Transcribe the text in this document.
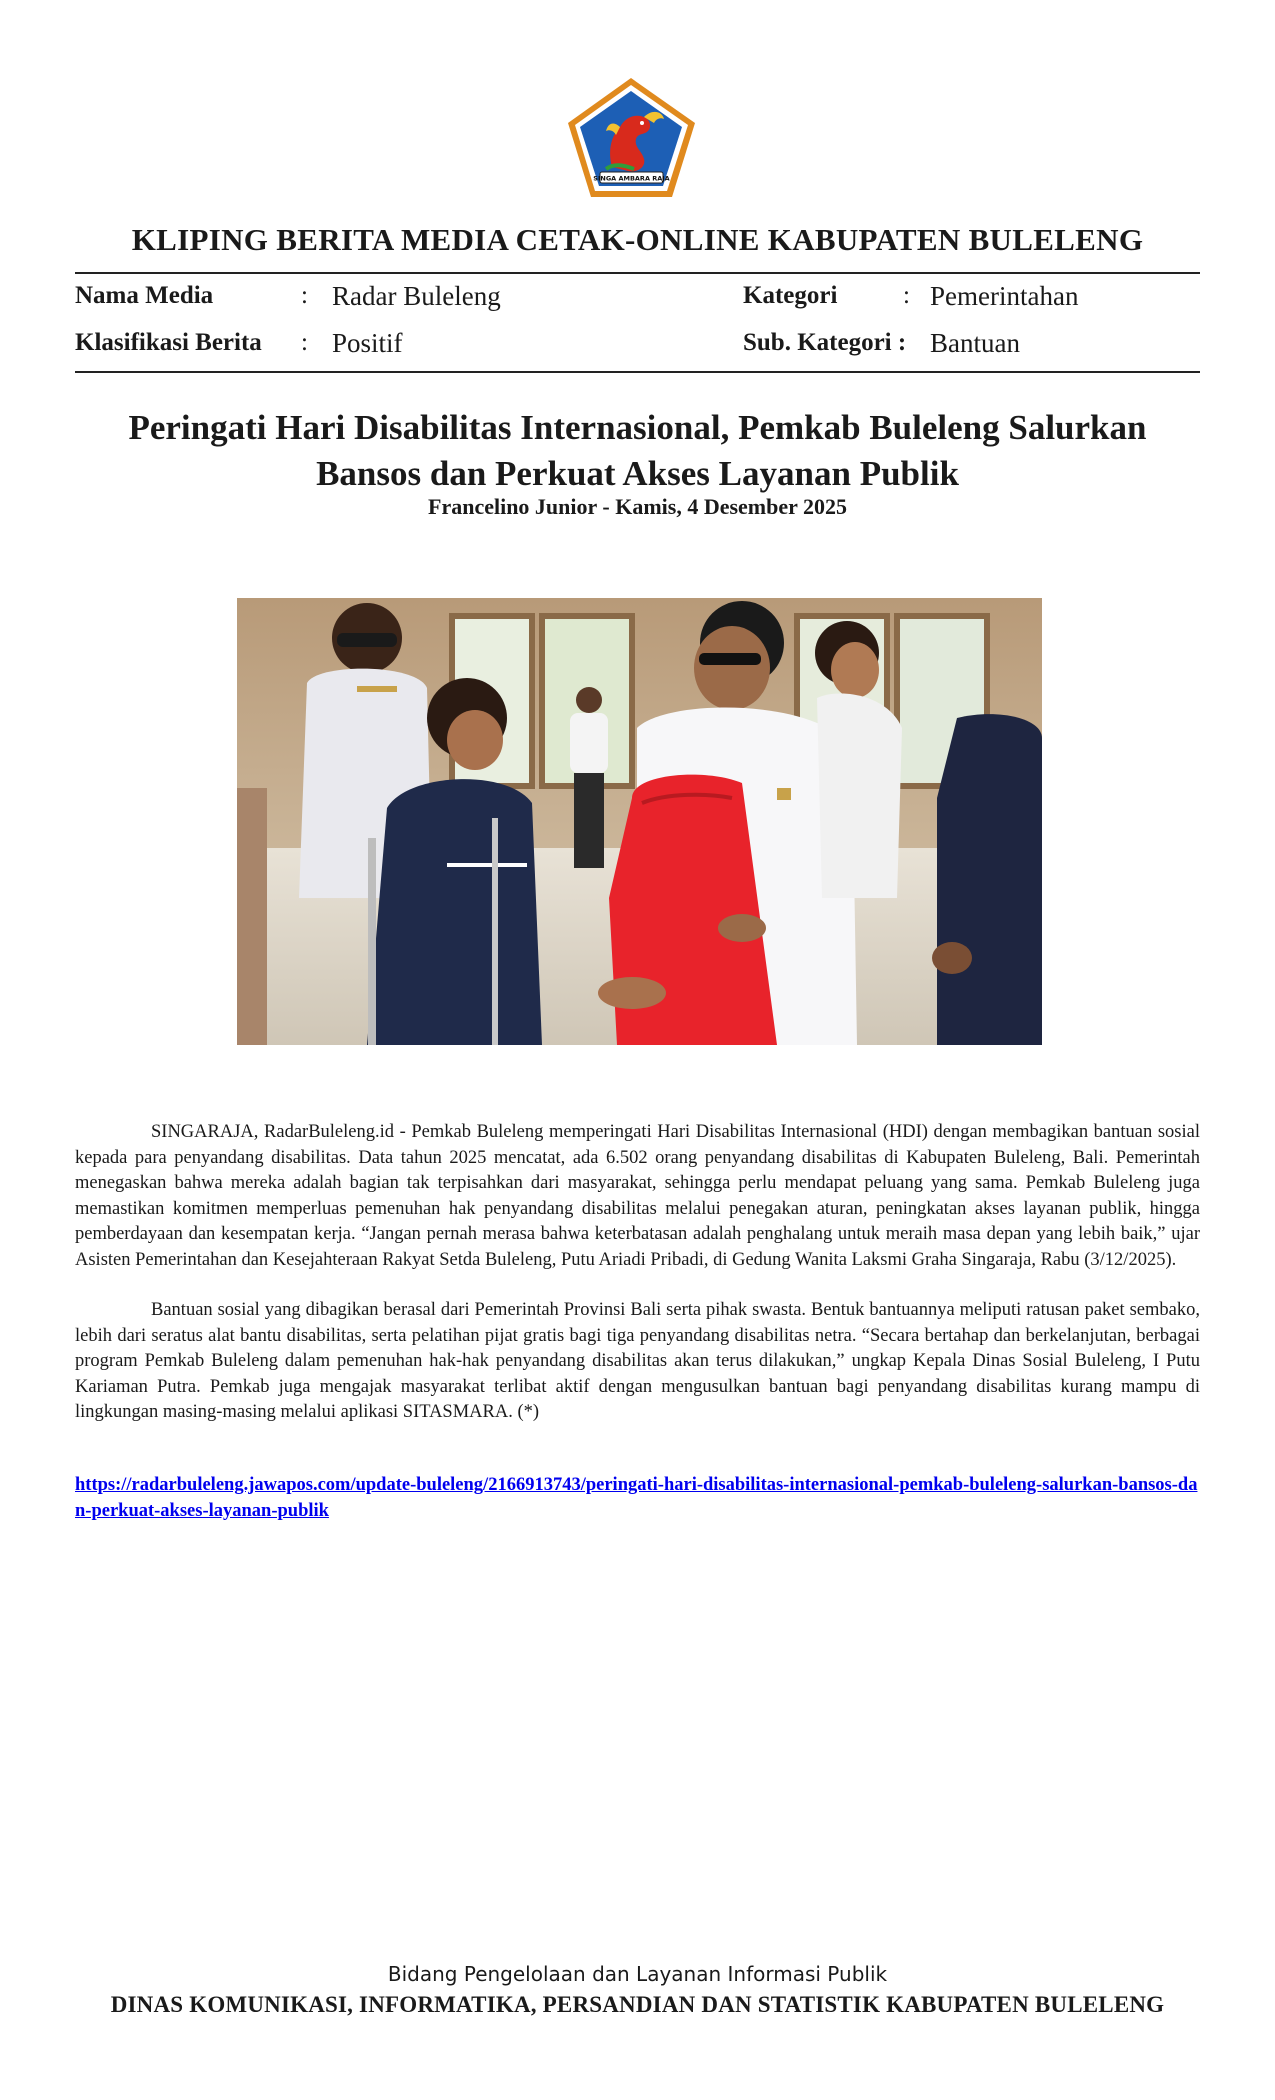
SINGA AMBARA RAJA
KLIPING BERITA MEDIA CETAK-ONLINE KABUPATEN BULELENG
Nama Media	: Radar Buleleng	Kategori	: Pemerintahan
Klasifikasi Berita : Positif	Sub. Kategori : Bantuan
Peringati Hari Disabilitas Internasional, Pemkab Buleleng Salurkan Bansos dan Perkuat Akses Layanan Publik
Francelino Junior - Kamis, 4 Desember 2025

SINGARAJA, RadarBuleleng.id - Pemkab Buleleng memperingati Hari Disabilitas Internasional (HDI) dengan membagikan bantuan sosial kepada para penyandang disabilitas. Data tahun 2025 mencatat, ada 6.502 orang penyandang disabilitas di Kabupaten Buleleng, Bali. Pemerintah menegaskan bahwa mereka adalah bagian tak terpisahkan dari masyarakat, sehingga perlu mendapat peluang yang sama. Pemkab Buleleng juga memastikan komitmen memperluas pemenuhan hak penyandang disabilitas melalui penegakan aturan, peningkatan akses layanan publik, hingga pemberdayaan dan kesempatan kerja. “Jangan pernah merasa bahwa keterbatasan adalah penghalang untuk meraih masa depan yang lebih baik,” ujar Asisten Pemerintahan dan Kesejahteraan Rakyat Setda Buleleng, Putu Ariadi Pribadi, di Gedung Wanita Laksmi Graha Singaraja, Rabu (3/12/2025).

Bantuan sosial yang dibagikan berasal dari Pemerintah Provinsi Bali serta pihak swasta. Bentuk bantuannya meliputi ratusan paket sembako, lebih dari seratus alat bantu disabilitas, serta pelatihan pijat gratis bagi tiga penyandang disabilitas netra. “Secara bertahap dan berkelanjutan, berbagai program Pemkab Buleleng dalam pemenuhan hak-hak penyandang disabilitas akan terus dilakukan,” ungkap Kepala Dinas Sosial Buleleng, I Putu Kariaman Putra. Pemkab juga mengajak masyarakat terlibat aktif dengan mengusulkan bantuan bagi penyandang disabilitas kurang mampu di lingkungan masing-masing melalui aplikasi SITASMARA. (*)

https://radarbuleleng.jawapos.com/update-buleleng/2166913743/peringati-hari-disabilitas-internasional-pemkab-buleleng-salurkan-bansos-dan-perkuat-akses-layanan-publik
Bidang Pengelolaan dan Layanan Informasi Publik
DINAS KOMUNIKASI, INFORMATIKA, PERSANDIAN DAN STATISTIK KABUPATEN BULELENG
